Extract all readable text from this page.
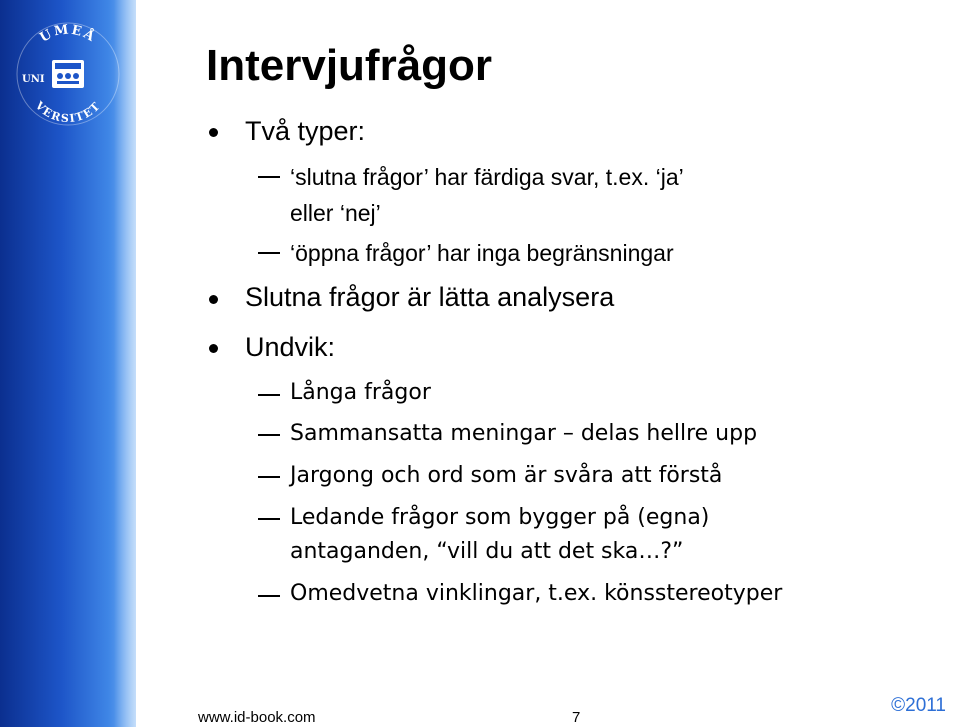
UMEÅ
VERSITET
UNI	Intervjufrågor
Två typer:
‘slutna frågor’ har färdiga svar, t.ex. ‘ja’
eller ‘nej’
‘öppna frågor’ har inga begränsningar
Slutna frågor är lätta analysera
Undvik:
Långa frågor
Sammansatta meningar – delas hellre upp
Jargong och ord som är svåra att förstå
Ledande frågor som bygger på (egna)
antaganden, “vill du att det ska…?”
Omedvetna vinklingar, t.ex. könsstereotyper
www.id-book.com	7
©2011
